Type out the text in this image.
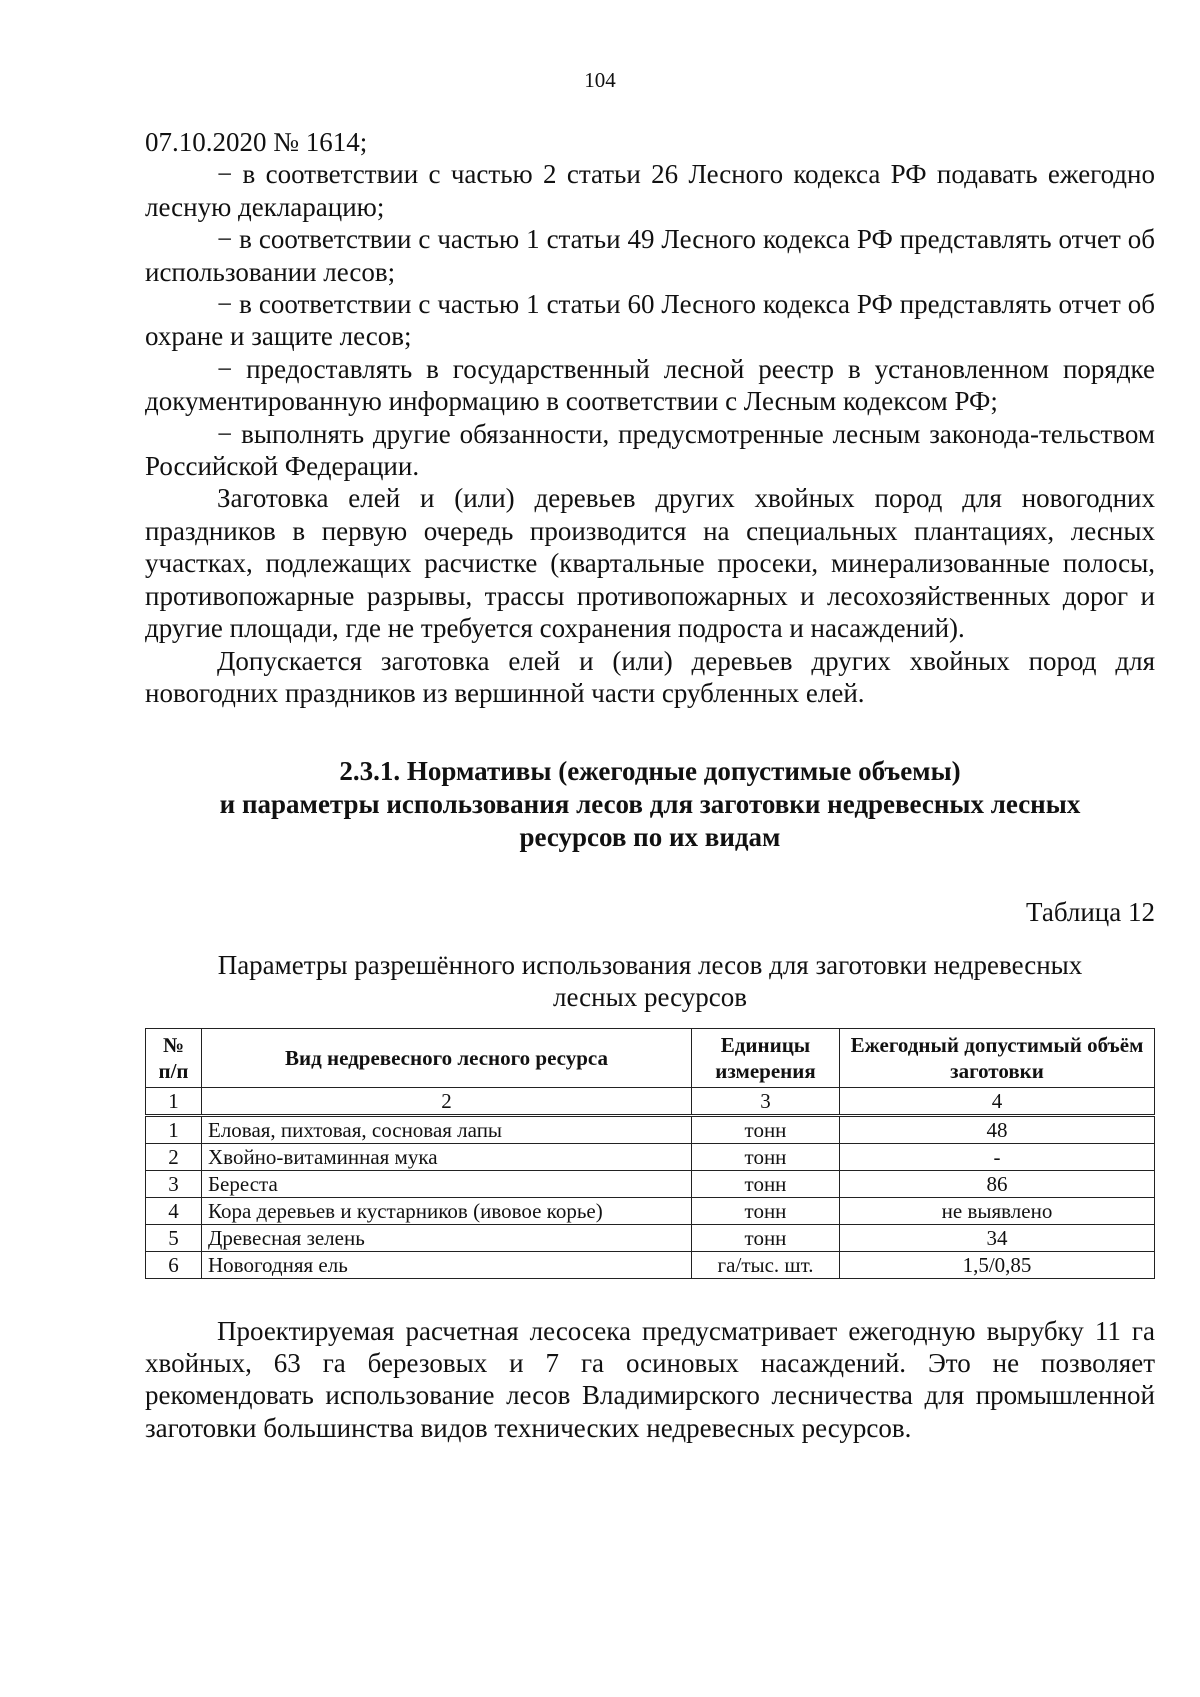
104

07.10.2020 № 1614;

− в соответствии с частью 2 статьи 26 Лесного кодекса РФ подавать ежегодно лесную декларацию;

− в соответствии с частью 1 статьи 49 Лесного кодекса РФ представлять отчет об использовании лесов;

− в соответствии с частью 1 статьи 60 Лесного кодекса РФ представлять отчет об охране и защите лесов;

− предоставлять в государственный лесной реестр в установленном порядке документированную информацию в соответствии с Лесным кодексом РФ;

− выполнять другие обязанности, предусмотренные лесным законода-тельством Российской Федерации.

Заготовка елей и (или) деревьев других хвойных пород для новогодних праздников в первую очередь производится на специальных плантациях, лесных участках, подлежащих расчистке (квартальные просеки, минерализованные полосы, противопожарные разрывы, трассы противопожарных и лесохозяйственных дорог и другие площади, где не требуется сохранения подроста и насаждений).

Допускается заготовка елей и (или) деревьев других хвойных пород для новогодних праздников из вершинной части срубленных елей.

2.3.1. Нормативы (ежегодные допустимые объемы)
и параметры использования лесов для заготовки недревесных лесных
ресурсов по их видам

Таблица 12

Параметры разрешённого использования лесов для заготовки недревесных
лесных ресурсов

№ п/п	Вид недревесного лесного ресурса	Единицы измерения	Ежегодный допустимый объём заготовки
1	2	3	4
1	Еловая, пихтовая, сосновая лапы	тонн	48
2	Хвойно-витаминная мука	тонн	-
3	Береста	тонн	86
4	Кора деревьев и кустарников (ивовое корье)	тонн	не выявлено
5	Древесная зелень	тонн	34
6	Новогодняя ель	га/тыс. шт.	1,5/0,85

Проектируемая расчетная лесосека предусматривает ежегодную вырубку 11 га хвойных, 63 га березовых и 7 га осиновых насаждений. Это не позволяет рекомендовать использование лесов Владимирского лесничества для промышленной заготовки большинства видов технических недревесных ресурсов.
